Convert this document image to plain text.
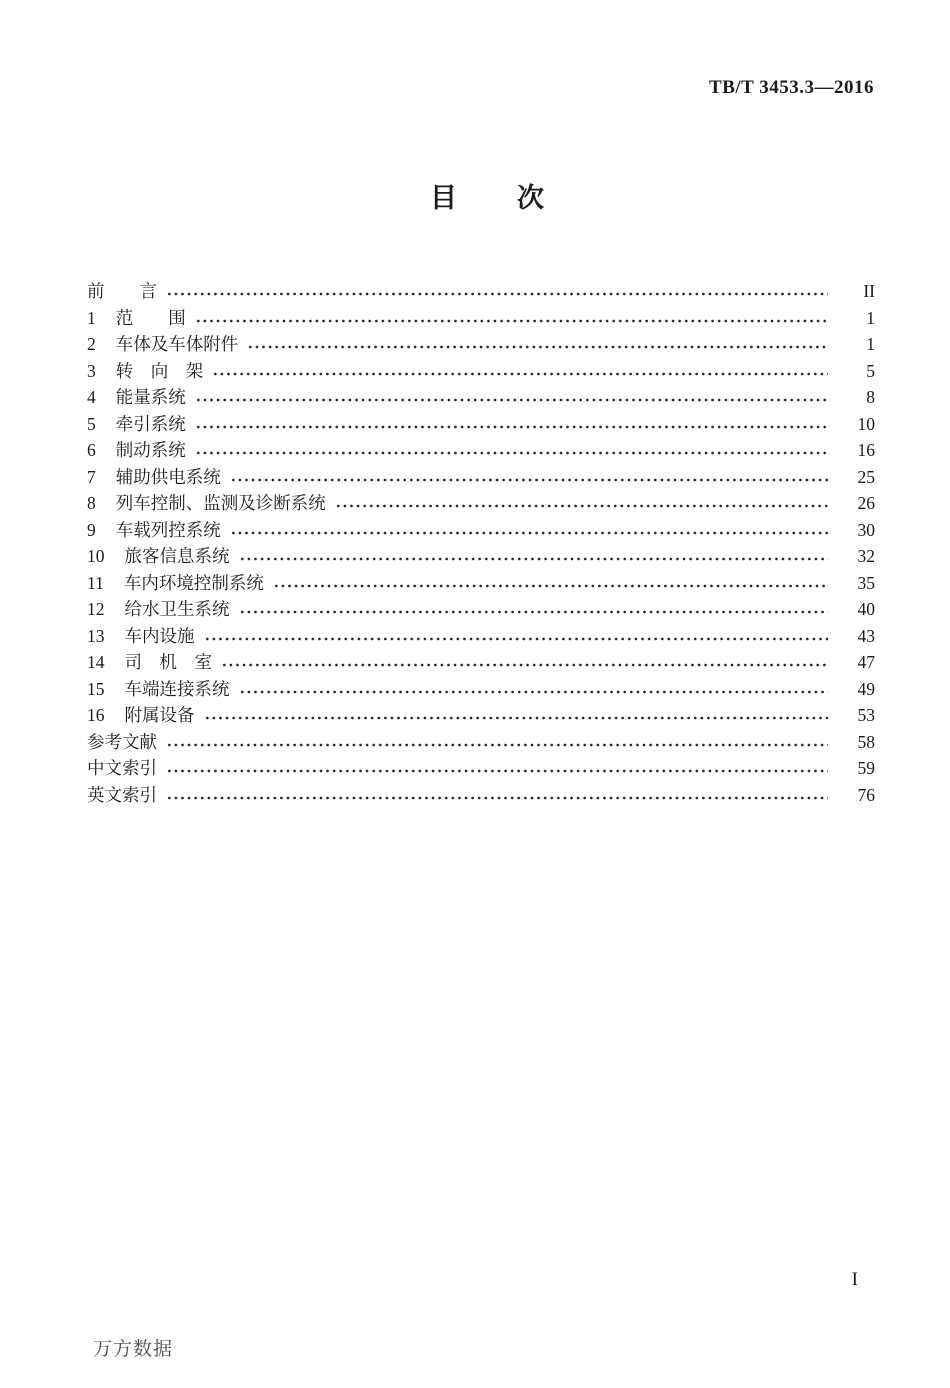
TB/T 3453.3—2016
目 次
前　　言	II
1 范　　围	1
2 车体及车体附件	1
3 转　向　架	5
4 能量系统	8
5 牵引系统	10
6 制动系统	16
7 辅助供电系统	25
8 列车控制、监测及诊断系统	26
9 车载列控系统	30
10 旅客信息系统	32
11 车内环境控制系统	35
12 给水卫生系统	40
13 车内设施	43
14 司　机　室	47
15 车端连接系统	49
16 附属设备	53
参考文献	58
中文索引	59
英文索引	76
I
万方数据
